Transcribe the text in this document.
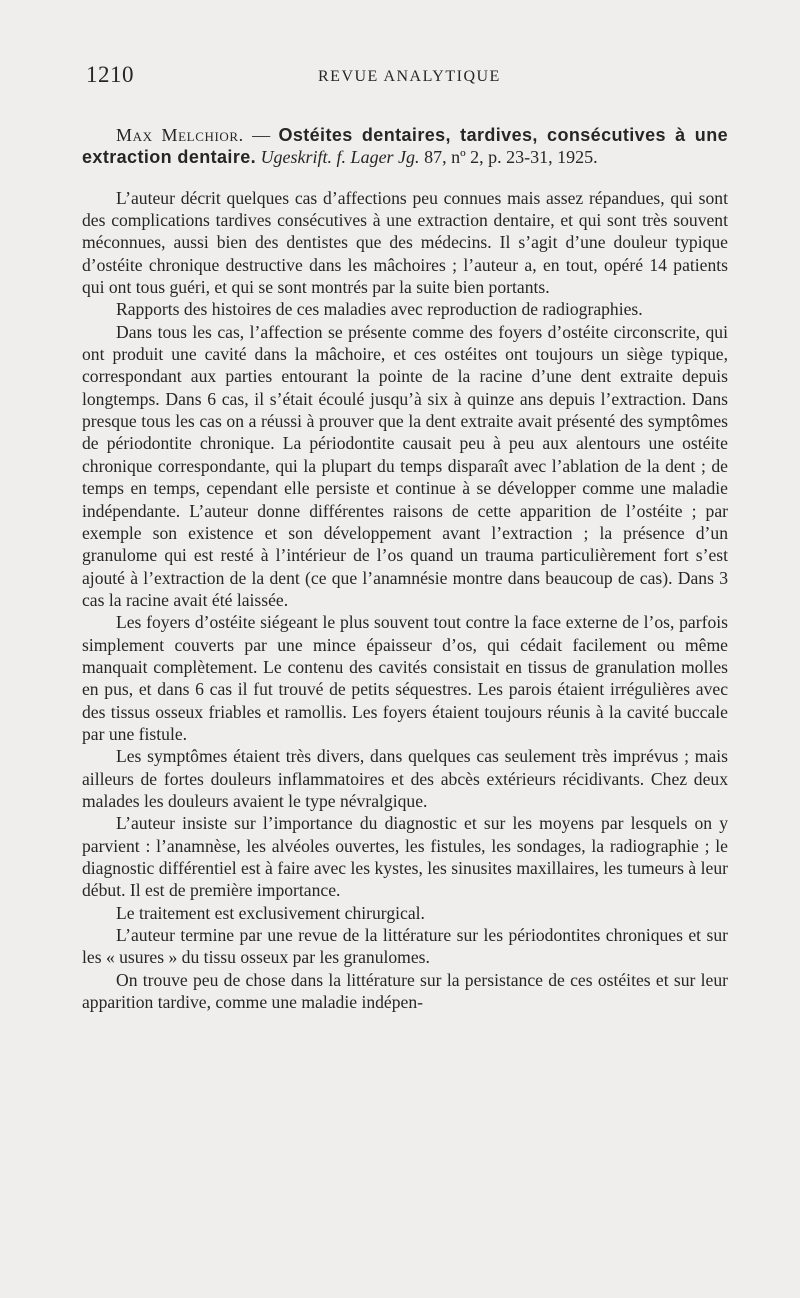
1210	REVUE ANALYTIQUE

Max Melchior. — Ostéites dentaires, tardives, consécutives à une extraction dentaire. Ugeskrift. f. Lager Jg. 87, nº 2, p. 23-31, 1925.

L’auteur décrit quelques cas d’affections peu connues mais assez répandues, qui sont des complications tardives consécutives à une extraction dentaire, et qui sont très souvent méconnues, aussi bien des dentistes que des médecins. Il s’agit d’une douleur typique d’ostéite chronique destructive dans les mâchoires ; l’auteur a, en tout, opéré 14 patients qui ont tous guéri, et qui se sont montrés par la suite bien portants.

Rapports des histoires de ces maladies avec reproduction de radiographies.

Dans tous les cas, l’affection se présente comme des foyers d’ostéite circonscrite, qui ont produit une cavité dans la mâchoire, et ces ostéites ont toujours un siège typique, correspondant aux parties entourant la pointe de la racine d’une dent extraite depuis longtemps. Dans 6 cas, il s’était écoulé jusqu’à six à quinze ans depuis l’extraction. Dans presque tous les cas on a réussi à prouver que la dent extraite avait présenté des symptômes de périodontite chronique. La périodontite causait peu à peu aux alentours une ostéite chronique correspondante, qui la plupart du temps disparaît avec l’ablation de la dent ; de temps en temps, cependant elle persiste et continue à se développer comme une maladie indépendante. L’auteur donne différentes raisons de cette apparition de l’ostéite ; par exemple son existence et son développement avant l’extraction ; la présence d’un granulome qui est resté à l’intérieur de l’os quand un trauma particulièrement fort s’est ajouté à l’extraction de la dent (ce que l’anamnésie montre dans beaucoup de cas). Dans 3 cas la racine avait été laissée.

Les foyers d’ostéite siégeant le plus souvent tout contre la face externe de l’os, parfois simplement couverts par une mince épaisseur d’os, qui cédait facilement ou même manquait complètement. Le contenu des cavités consistait en tissus de granulation molles en pus, et dans 6 cas il fut trouvé de petits séquestres. Les parois étaient irrégulières avec des tissus osseux friables et ramollis. Les foyers étaient toujours réunis à la cavité buccale par une fistule.

Les symptômes étaient très divers, dans quelques cas seulement très imprévus ; mais ailleurs de fortes douleurs inflammatoires et des abcès extérieurs récidivants. Chez deux malades les douleurs avaient le type névralgique.

L’auteur insiste sur l’importance du diagnostic et sur les moyens par lesquels on y parvient : l’anamnèse, les alvéoles ouvertes, les fistules, les sondages, la radiographie ; le diagnostic différentiel est à faire avec les kystes, les sinusites maxillaires, les tumeurs à leur début. Il est de première importance.

Le traitement est exclusivement chirurgical.

L’auteur termine par une revue de la littérature sur les périodontites chroniques et sur les « usures » du tissu osseux par les granulomes.

On trouve peu de chose dans la littérature sur la persistance de ces ostéites et sur leur apparition tardive, comme une maladie indépen-
